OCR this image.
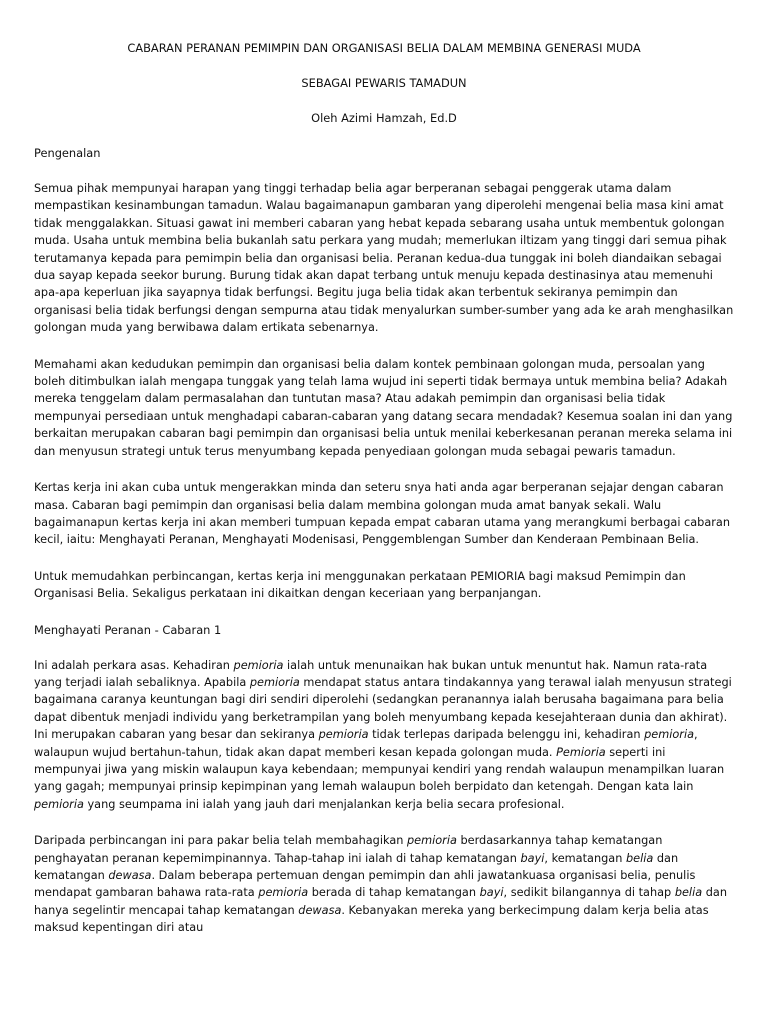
CABARAN PERANAN PEMIMPIN DAN ORGANISASI BELIA DALAM MEMBINA GENERASI MUDA

SEBAGAI PEWARIS TAMADUN

Oleh Azimi Hamzah, Ed.D

Pengenalan

Semua pihak mempunyai harapan yang tinggi terhadap belia agar berperanan sebagai penggerak utama dalam mempastikan kesinambungan tamadun. Walau bagaimanapun gambaran yang diperolehi mengenai belia masa kini amat tidak menggalakkan. Situasi gawat ini memberi cabaran yang hebat kepada sebarang usaha untuk membentuk golongan muda. Usaha untuk membina belia bukanlah satu perkara yang mudah; memerlukan iltizam yang tinggi dari semua pihak terutamanya kepada para pemimpin belia dan organisasi belia. Peranan kedua-dua tunggak ini boleh diandaikan sebagai dua sayap kepada seekor burung. Burung tidak akan dapat terbang untuk menuju kepada destinasinya atau memenuhi apa-apa keperluan jika sayapnya tidak berfungsi. Begitu juga belia tidak akan terbentuk sekiranya pemimpin dan organisasi belia tidak berfungsi dengan sempurna atau tidak menyalurkan sumber-sumber yang ada ke arah menghasilkan golongan muda yang berwibawa dalam ertikata sebenarnya.

Memahami akan kedudukan pemimpin dan organisasi belia dalam kontek pembinaan golongan muda, persoalan yang boleh ditimbulkan ialah mengapa tunggak yang telah lama wujud ini seperti tidak bermaya untuk membina belia? Adakah mereka tenggelam dalam permasalahan dan tuntutan masa? Atau adakah pemimpin dan organisasi belia tidak mempunyai persediaan untuk menghadapi cabaran-cabaran yang datang secara mendadak? Kesemua soalan ini dan yang berkaitan merupakan cabaran bagi pemimpin dan organisasi belia untuk menilai keberkesanan peranan mereka selama ini dan menyusun strategi untuk terus menyumbang kepada penyediaan golongan muda sebagai pewaris tamadun.

Kertas kerja ini akan cuba untuk mengerakkan minda dan seteru snya hati anda agar berperanan sejajar dengan cabaran masa. Cabaran bagi pemimpin dan organisasi belia dalam membina golongan muda amat banyak sekali. Walu bagaimanapun kertas kerja ini akan memberi tumpuan kepada empat cabaran utama yang merangkumi berbagai cabaran kecil, iaitu: Menghayati Peranan, Menghayati Modenisasi, Penggemblengan Sumber dan Kenderaan Pembinaan Belia.

Untuk memudahkan perbincangan, kertas kerja ini menggunakan perkataan PEMIORIA bagi maksud Pemimpin dan Organisasi Belia. Sekaligus perkataan ini dikaitkan dengan keceriaan yang berpanjangan.

Menghayati Peranan - Cabaran 1

Ini adalah perkara asas. Kehadiran pemioria ialah untuk menunaikan hak bukan untuk menuntut hak. Namun rata-rata yang terjadi ialah sebaliknya. Apabila pemioria mendapat status antara tindakannya yang terawal ialah menyusun strategi bagaimana caranya keuntungan bagi diri sendiri diperolehi (sedangkan peranannya ialah berusaha bagaimana para belia dapat dibentuk menjadi individu yang berketrampilan yang boleh menyumbang kepada kesejahteraan dunia dan akhirat). Ini merupakan cabaran yang besar dan sekiranya pemioria tidak terlepas daripada belenggu ini, kehadiran pemioria, walaupun wujud bertahun-tahun, tidak akan dapat memberi kesan kepada golongan muda. Pemioria seperti ini mempunyai jiwa yang miskin walaupun kaya kebendaan; mempunyai kendiri yang rendah walaupun menampilkan luaran yang gagah; mempunyai prinsip kepimpinan yang lemah walaupun boleh berpidato dan ketengah. Dengan kata lain pemioria yang seumpama ini ialah yang jauh dari menjalankan kerja belia secara profesional.

Daripada perbincangan ini para pakar belia telah membahagikan pemioria berdasarkannya tahap kematangan penghayatan peranan kepemimpinannya. Tahap-tahap ini ialah di tahap kematangan bayi, kematangan belia dan kematangan dewasa. Dalam beberapa pertemuan dengan pemimpin dan ahli jawatankuasa organisasi belia, penulis mendapat gambaran bahawa rata-rata pemioria berada di tahap kematangan bayi, sedikit bilangannya di tahap belia dan hanya segelintir mencapai tahap kematangan dewasa. Kebanyakan mereka yang berkecimpung dalam kerja belia atas maksud kepentingan diri atau
